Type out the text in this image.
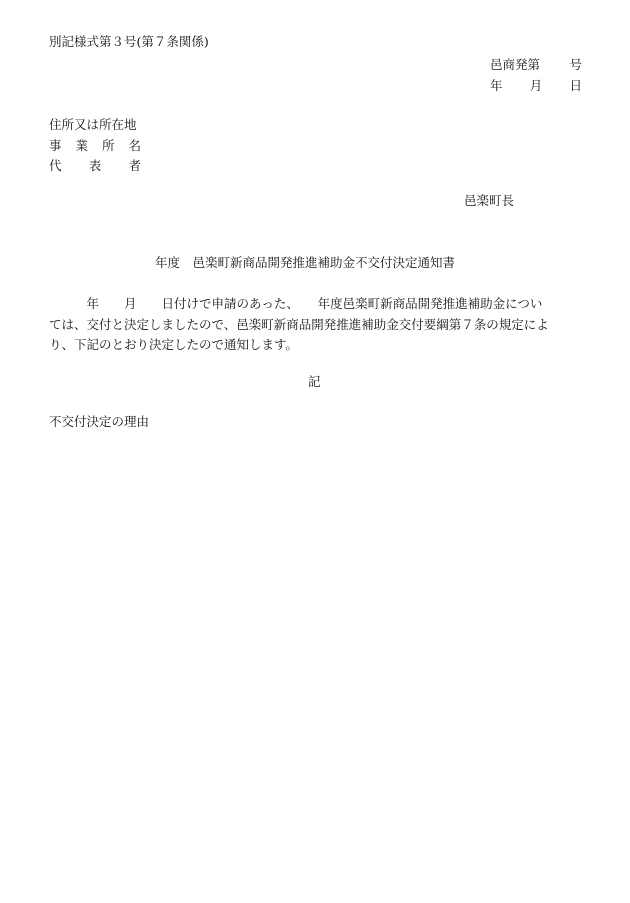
別記様式第３号(第７条関係)

邑商発第 号
年 月 日
住所又は所在地
事 業 所 名
代 表 者

邑楽町長

年度　邑楽町新商品開発推進補助金不交付決定通知書

　　　年　　月　　日付けで申請のあった、　　年度邑楽町新商品開発推進補助金につい
ては、交付と決定しましたので、邑楽町新商品開発推進補助金交付要綱第７条の規定によ
り、下記のとおり決定したので通知します。

記

不交付決定の理由
